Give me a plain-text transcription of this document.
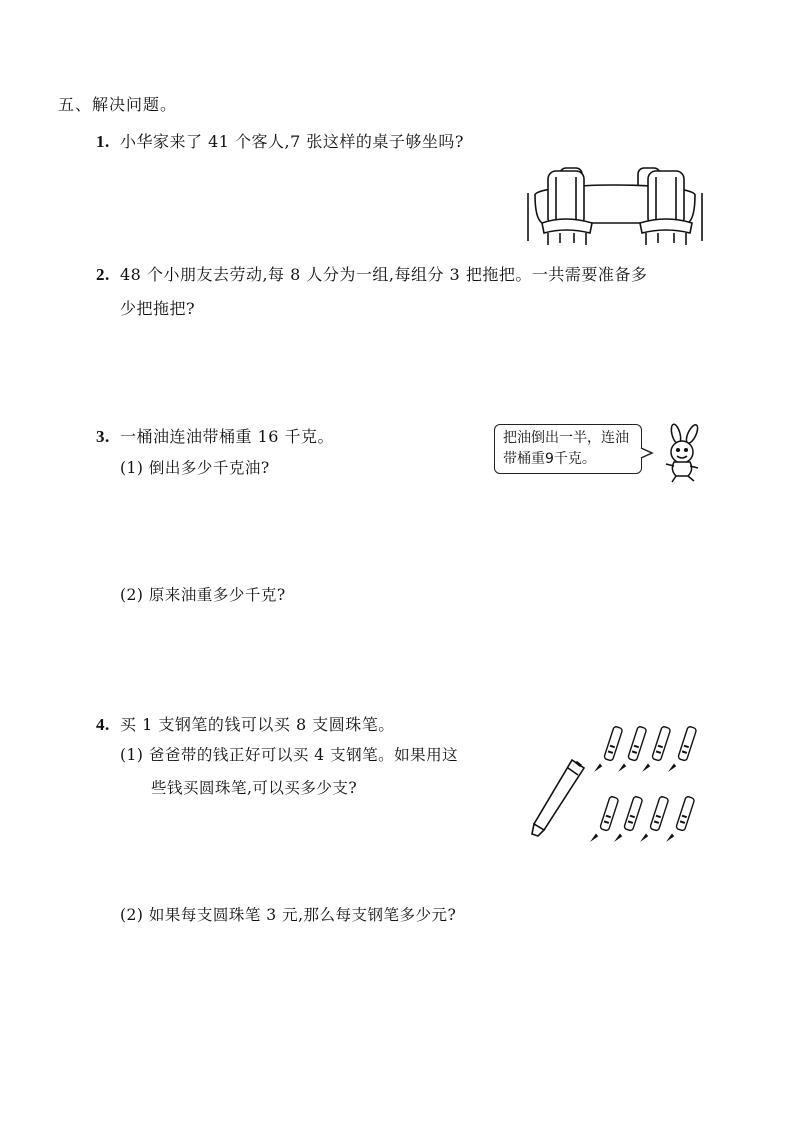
五、解决问题。
1. 小华家来了 41 个客人,7 张这样的桌子够坐吗?
2. 48 个小朋友去劳动,每 8 人分为一组,每组分 3 把拖把。一共需要准备多
少把拖把?
3. 一桶油连油带桶重 16 千克。
(1) 倒出多少千克油?
(2) 原来油重多少千克?
把油倒出一半，连油
带桶重9千克。
4. 买 1 支钢笔的钱可以买 8 支圆珠笔。
(1) 爸爸带的钱正好可以买 4 支钢笔。如果用这
些钱买圆珠笔,可以买多少支?
(2) 如果每支圆珠笔 3 元,那么每支钢笔多少元?
